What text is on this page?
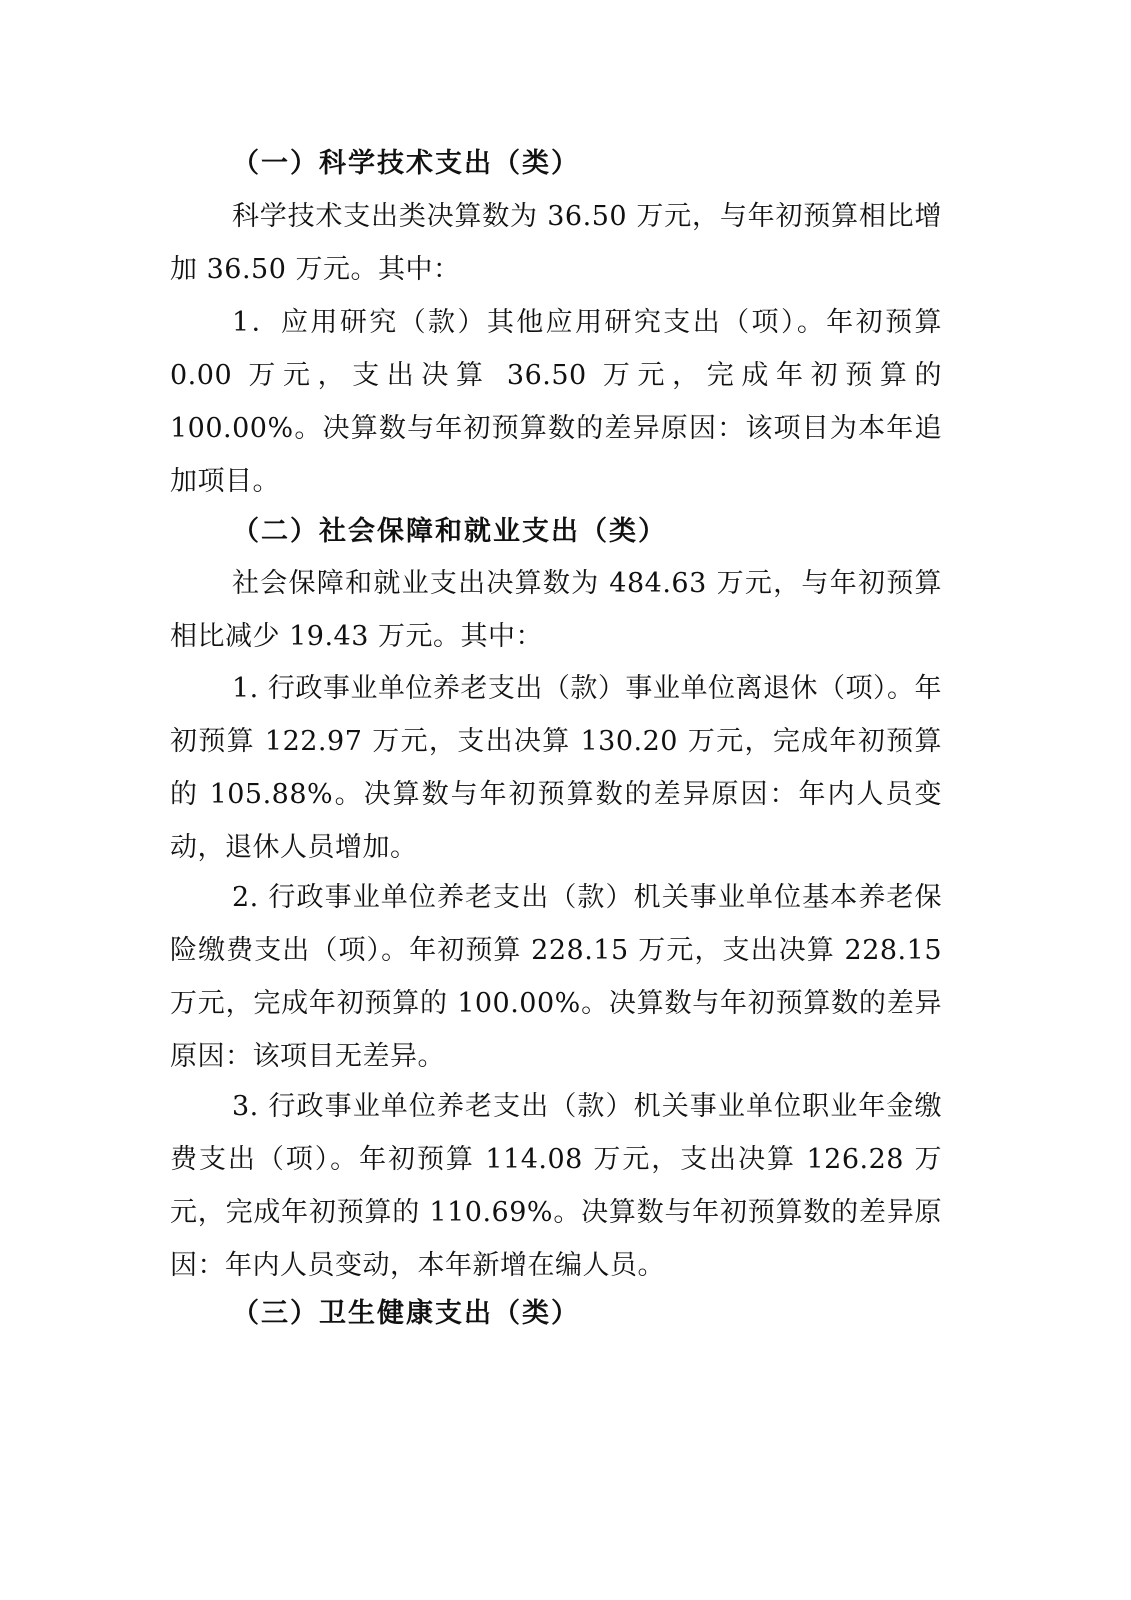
（一）科学技术支出（类）
科学技术支出类决算数为 36.50 万元，与年初预算相比增加 36.50 万元。其中：
1．应用研究（款）其他应用研究支出（项）。年初预算 0.00 万元，支出决算 36.50 万元，完成年初预算的 100.00%。决算数与年初预算数的差异原因：该项目为本年追加项目。
（二）社会保障和就业支出（类）
社会保障和就业支出决算数为 484.63 万元，与年初预算相比减少 19.43 万元。其中：
1. 行政事业单位养老支出（款）事业单位离退休（项）。年初预算 122.97 万元，支出决算 130.20 万元，完成年初预算的 105.88%。决算数与年初预算数的差异原因：年内人员变动，退休人员增加。
2. 行政事业单位养老支出（款）机关事业单位基本养老保险缴费支出（项）。年初预算 228.15 万元，支出决算 228.15 万元，完成年初预算的 100.00%。决算数与年初预算数的差异原因：该项目无差异。
3. 行政事业单位养老支出（款）机关事业单位职业年金缴费支出（项）。年初预算 114.08 万元，支出决算 126.28 万元，完成年初预算的 110.69%。决算数与年初预算数的差异原因：年内人员变动，本年新增在编人员。
（三）卫生健康支出（类）
